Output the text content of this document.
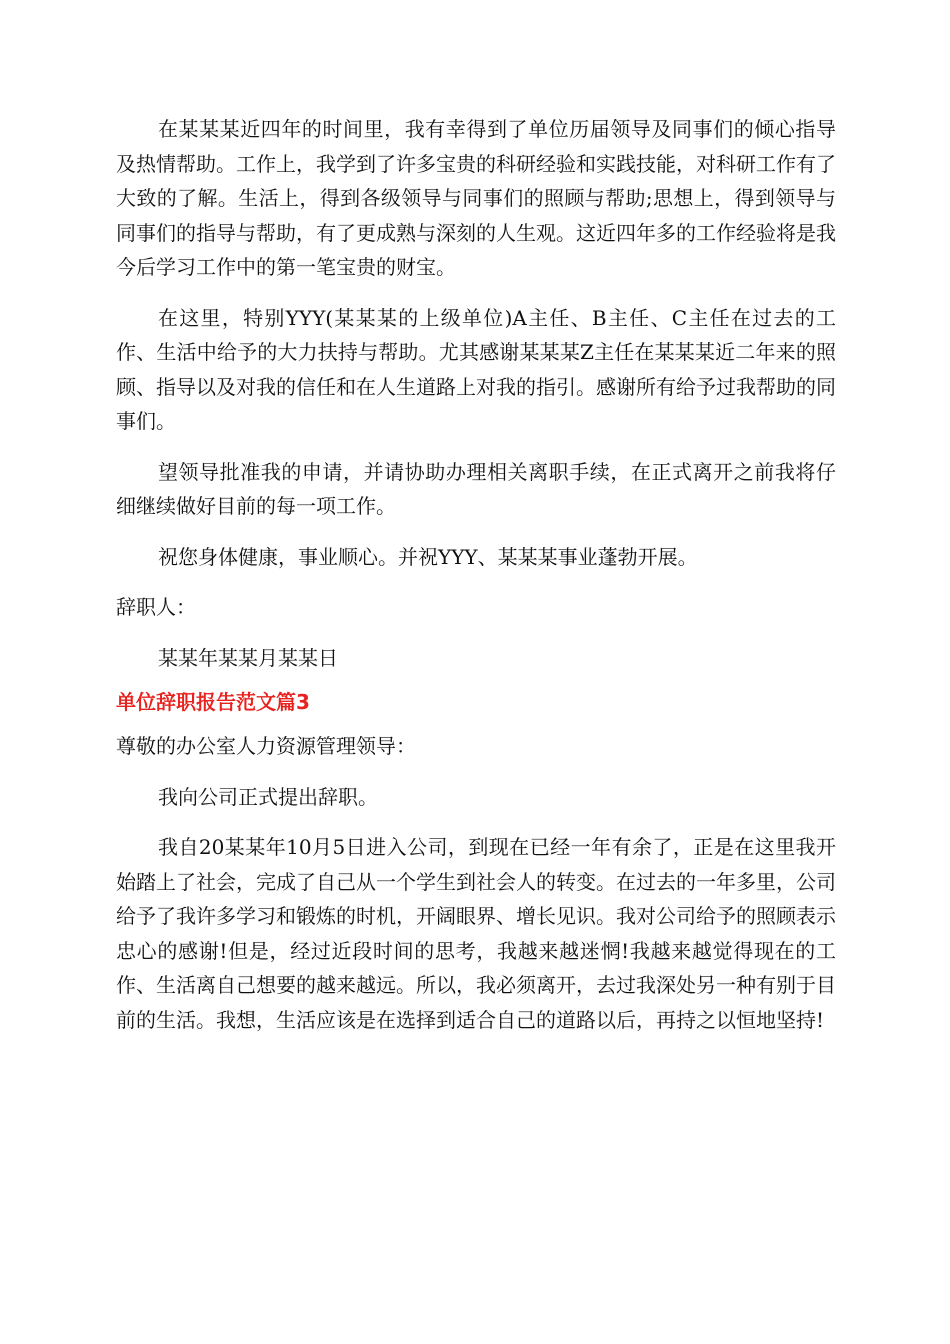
在某某某近四年的时间里，我有幸得到了单位历届领导及同事们的倾心指导及热情帮助。工作上，我学到了许多宝贵的科研经验和实践技能，对科研工作有了大致的了解。生活上，得到各级领导与同事们的照顾与帮助;思想上，得到领导与同事们的指导与帮助，有了更成熟与深刻的人生观。这近四年多的工作经验将是我今后学习工作中的第一笔宝贵的财宝。

在这里，特别YYY(某某某的上级单位)A主任、B主任、C主任在过去的工作、生活中给予的大力扶持与帮助。尤其感谢某某某Z主任在某某某近二年来的照顾、指导以及对我的信任和在人生道路上对我的指引。感谢所有给予过我帮助的同事们。

望领导批准我的申请，并请协助办理相关离职手续，在正式离开之前我将仔细继续做好目前的每一项工作。

祝您身体健康，事业顺心。并祝YYY、某某某事业蓬勃开展。

辞职人：

某某年某某月某某日

单位辞职报告范文篇3

尊敬的办公室人力资源管理领导：

我向公司正式提出辞职。

我自20某某年10月5日进入公司，到现在已经一年有余了，正是在这里我开始踏上了社会，完成了自己从一个学生到社会人的转变。在过去的一年多里，公司给予了我许多学习和锻炼的时机，开阔眼界、增长见识。我对公司给予的照顾表示忠心的感谢!但是，经过近段时间的思考，我越来越迷惘!我越来越觉得现在的工作、生活离自己想要的越来越远。所以，我必须离开，去过我深处另一种有别于目前的生活。我想，生活应该是在选择到适合自己的道路以后，再持之以恒地坚持!
